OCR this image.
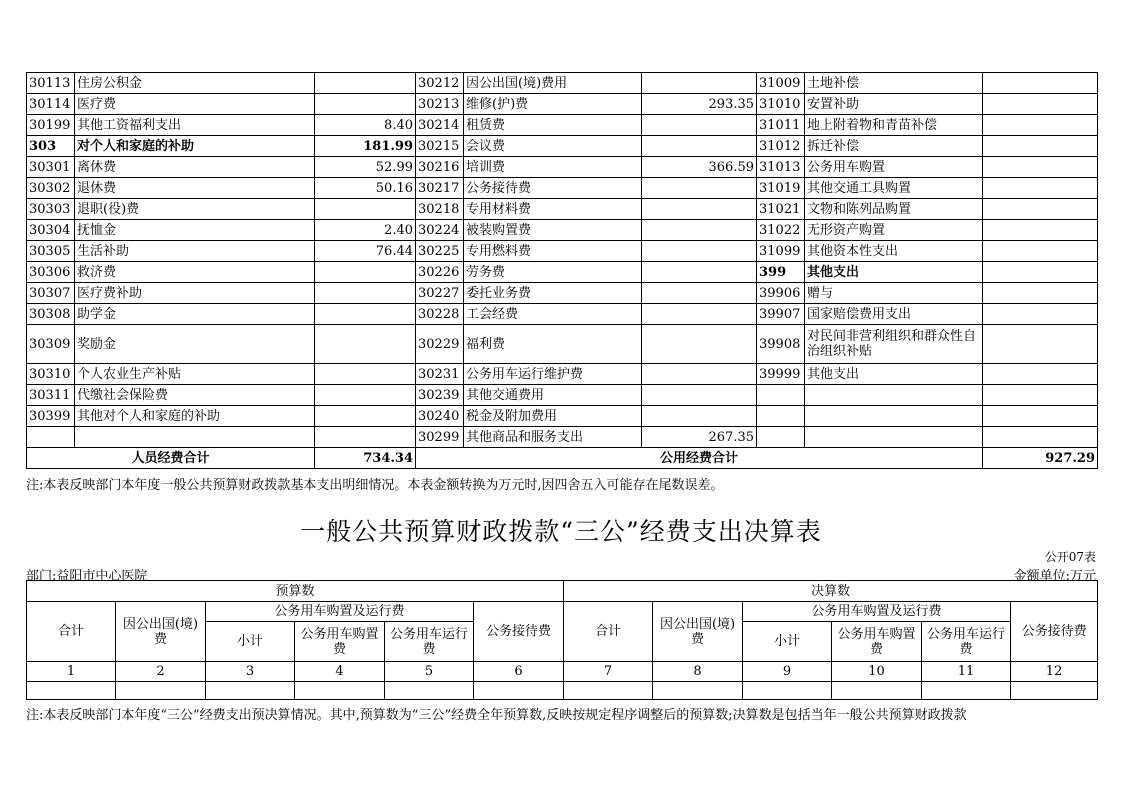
30113	住房公积金		30212	因公出国(境)费用		31009	土地补偿	
30114	医疗费		30213	维修(护)费	293.35	31010	安置补助	
30199	其他工资福利支出	8.40	30214	租赁费		31011	地上附着物和青苗补偿	
303	对个人和家庭的补助	181.99	30215	会议费		31012	拆迁补偿	
30301	离休费	52.99	30216	培训费	366.59	31013	公务用车购置	
30302	退休费	50.16	30217	公务接待费		31019	其他交通工具购置	
30303	退职(役)费		30218	专用材料费		31021	文物和陈列品购置	
30304	抚恤金	2.40	30224	被装购置费		31022	无形资产购置	
30305	生活补助	76.44	30225	专用燃料费		31099	其他资本性支出	
30306	救济费		30226	劳务费		399	其他支出	
30307	医疗费补助		30227	委托业务费		39906	赠与	
30308	助学金		30228	工会经费		39907	国家赔偿费用支出	
30309	奖励金		30229	福利费		39908	对民间非营利组织和群众性自治组织补贴	
30310	个人农业生产补贴		30231	公务用车运行维护费		39999	其他支出	
30311	代缴社会保险费		30239	其他交通费用				
30399	其他对个人和家庭的补助		30240	税金及附加费用				
			30299	其他商品和服务支出	267.35			
人员经费合计		734.34	公用经费合计					927.29
注:本表反映部门本年度一般公共预算财政拨款基本支出明细情况。本表金额转换为万元时,因四舍五入可能存在尾数误差。
一般公共预算财政拨款“三公”经费支出决算表
公开07表
部门:益阳市中心医院	金额单位:万元
预算数						决算数					
合计	因公出国(境)费	公务用车购置及运行费			公务接待费	合计	因公出国(境)费	公务用车购置及运行费			公务接待费
		小计	公务用车购置费	公务用车运行费				小计	公务用车购置费	公务用车运行费	
1	2	3	4	5	6	7	8	9	10	11	12

注:本表反映部门本年度“三公”经费支出预决算情况。其中,预算数为“三公”经费全年预算数,反映按规定程序调整后的预算数;决算数是包括当年一般公共预算财政拨款
